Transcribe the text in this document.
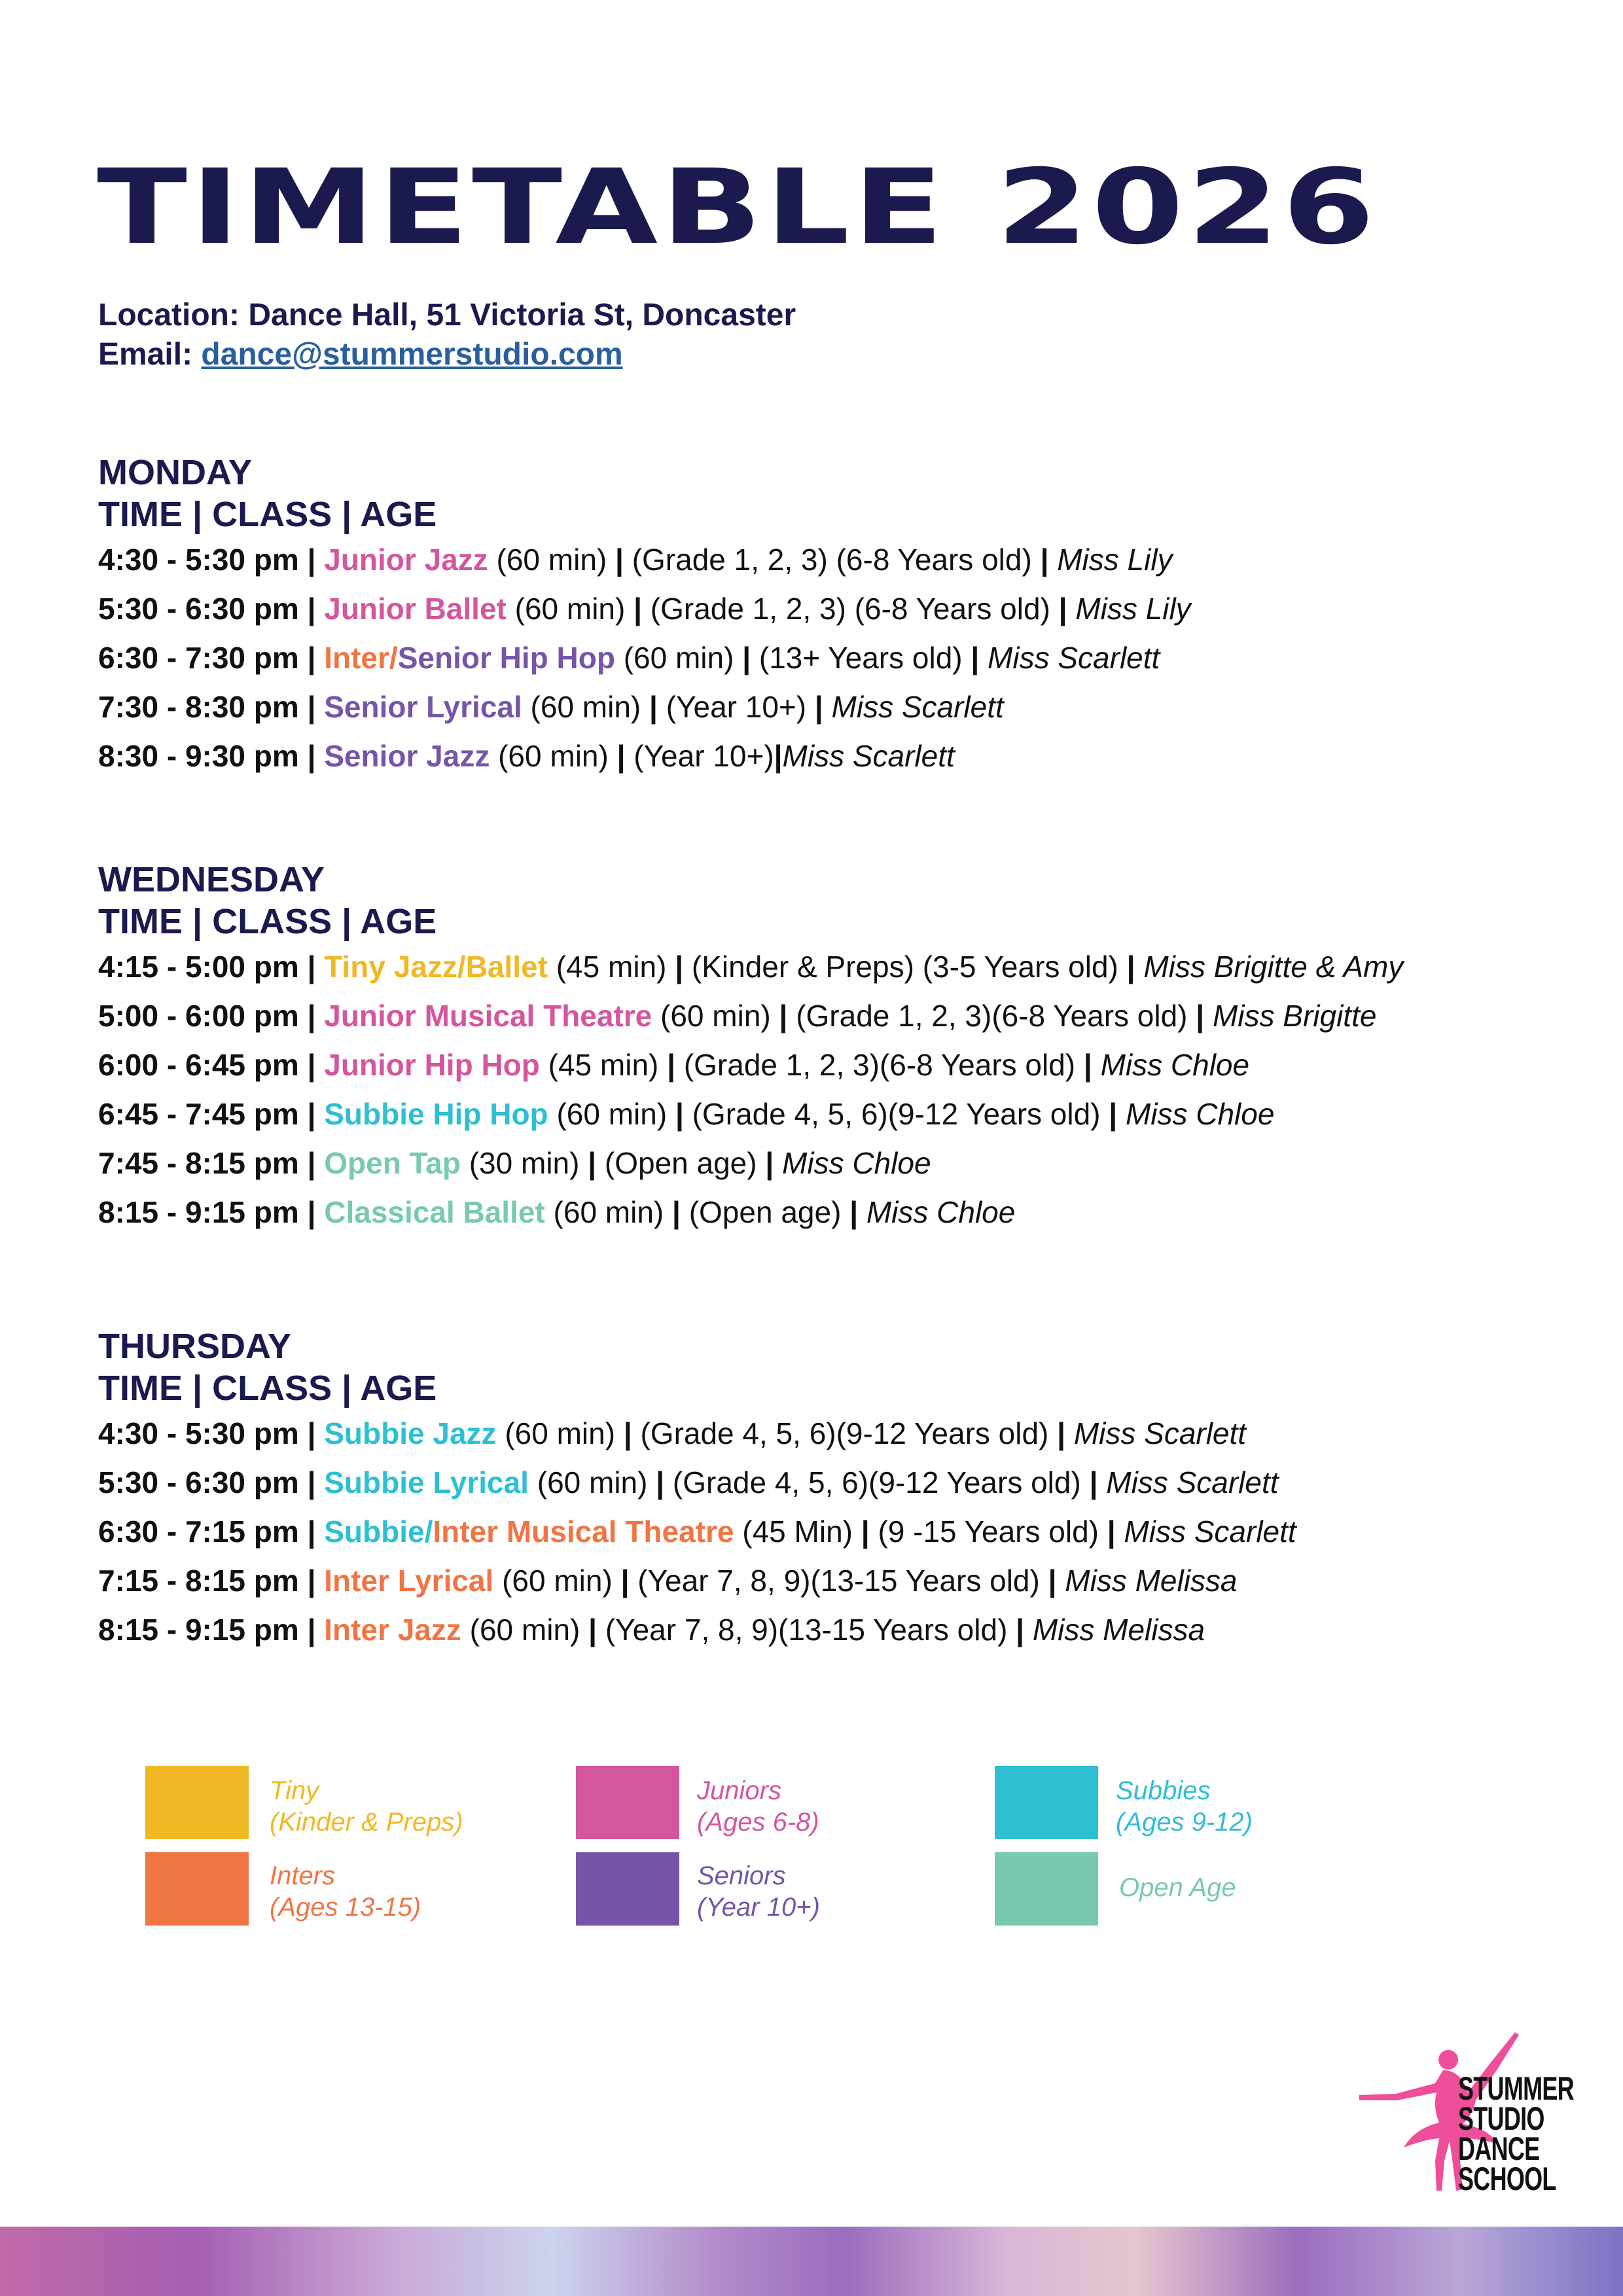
TIMETABLE 2026
Location: Dance Hall, 51 Victoria St, Doncaster
Email: dance@stummerstudio.com
MONDAY
TIME | CLASS | AGE
4:30 - 5:30 pm | Junior Jazz (60 min) | (Grade 1, 2, 3) (6-8 Years old) | Miss Lily
5:30 - 6:30 pm | Junior Ballet (60 min) | (Grade 1, 2, 3) (6-8 Years old) | Miss Lily
6:30 - 7:30 pm | Inter/Senior Hip Hop (60 min) | (13+ Years old) | Miss Scarlett
7:30 - 8:30 pm | Senior Lyrical (60 min) | (Year 10+) | Miss Scarlett
8:30 - 9:30 pm | Senior Jazz (60 min) | (Year 10+)|Miss Scarlett
WEDNESDAY
TIME | CLASS | AGE
4:15 - 5:00 pm | Tiny Jazz/Ballet (45 min) | (Kinder & Preps) (3-5 Years old) | Miss Brigitte & Amy
5:00 - 6:00 pm | Junior Musical Theatre (60 min) | (Grade 1, 2, 3)(6-8 Years old) | Miss Brigitte
6:00 - 6:45 pm | Junior Hip Hop (45 min) | (Grade 1, 2, 3)(6-8 Years old) | Miss Chloe
6:45 - 7:45 pm | Subbie Hip Hop (60 min) | (Grade 4, 5, 6)(9-12 Years old) | Miss Chloe
7:45 - 8:15 pm | Open Tap (30 min) | (Open age) | Miss Chloe
8:15 - 9:15 pm | Classical Ballet (60 min) | (Open age) | Miss Chloe
THURSDAY
TIME | CLASS | AGE
4:30 - 5:30 pm | Subbie Jazz (60 min) | (Grade 4, 5, 6)(9-12 Years old) | Miss Scarlett
5:30 - 6:30 pm | Subbie Lyrical (60 min) | (Grade 4, 5, 6)(9-12 Years old) | Miss Scarlett
6:30 - 7:15 pm | Subbie/Inter Musical Theatre (45 Min) | (9 -15 Years old) | Miss Scarlett
7:15 - 8:15 pm | Inter Lyrical (60 min) | (Year 7, 8, 9)(13-15 Years old) | Miss Melissa
8:15 - 9:15 pm | Inter Jazz (60 min) | (Year 7, 8, 9)(13-15 Years old) | Miss Melissa
Tiny
(Kinder & Preps)
Juniors
(Ages 6-8)
Subbies
(Ages 9-12)
Inters
(Ages 13-15)
Seniors
(Year 10+)
Open Age
STUMMER
STUDIO
DANCE
SCHOOL
